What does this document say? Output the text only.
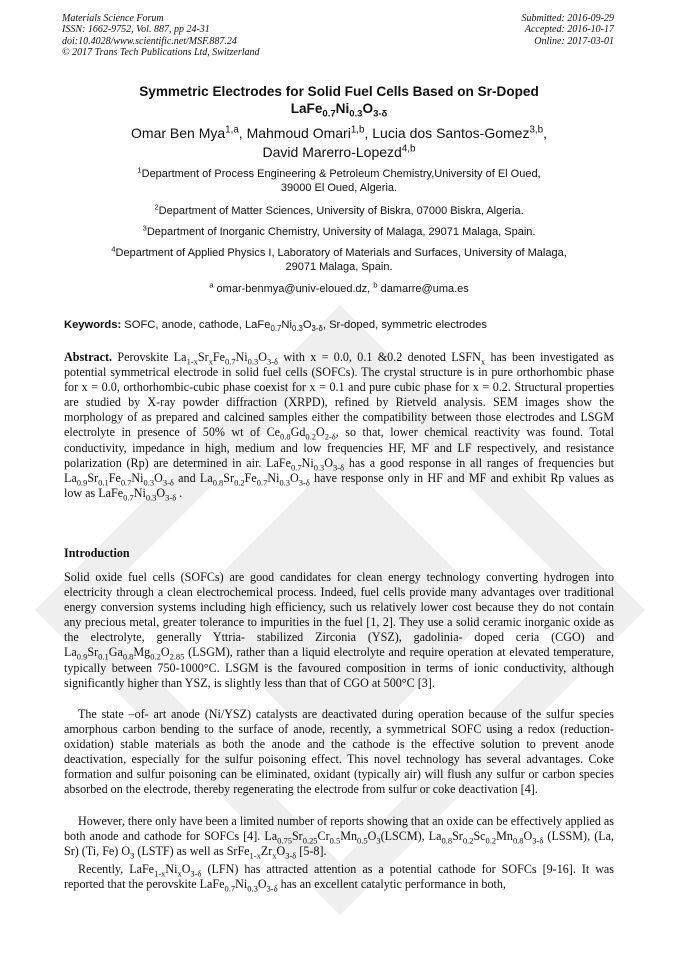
Materials Science Forum
ISSN: 1662-9752, Vol. 887, pp 24-31
doi:10.4028/www.scientific.net/MSF.887.24
© 2017 Trans Tech Publications Ltd, Switzerland
Submitted: 2016-09-29
Accepted: 2016-10-17
Online: 2017-03-01
Symmetric Electrodes for Solid Fuel Cells Based on Sr-Doped
$LaFe_{0.7}Ni_{0.3}O_{3-\delta}$
Omar Ben Mya$^{1,a}$, Mahmoud Omari$^{1,b}$, Lucia dos Santos-Gomez$^{3,b}$,
David Marerro-Lopezd$^{4,b}$
$^1$Department of Process Engineering & Petroleum Chemistry,University of El Oued,
39000 El Oued, Algeria.
$^2$Department of Matter Sciences, University of Biskra, 07000 Biskra, Algeria.
$^3$Department of Inorganic Chemistry, University of Malaga, 29071 Malaga, Spain.
$^4$Department of Applied Physics I, Laboratory of Materials and Surfaces, University of Malaga,
29071 Malaga, Spain.
$^a$ omar-benmya@univ-eloued.dz, $^b$ damarre@uma.es
Keywords: SOFC, anode, cathode, $LaFe_{0.7}Ni_{0.3}O_{3-\delta}$, Sr-doped, symmetric electrodes
Abstract. Perovskite $La_{1-x}Sr_xFe_{0.7}Ni_{0.3}O_{3-\delta}$ with x = 0.0, 0.1 &0.2 denoted $LSFN_x$ has been investigated as potential symmetrical electrode in solid fuel cells (SOFCs). The crystal structure is in pure orthorhombic phase for x = 0.0, orthorhombic-cubic phase coexist for x = 0.1 and pure cubic phase for x = 0.2. Structural properties are studied by X-ray powder diffraction (XRPD), refined by Rietveld analysis. SEM images show the morphology of as prepared and calcined samples either the compatibility between those electrodes and LSGM electrolyte in presence of 50% wt of $Ce_{0.8}Gd_{0.2}O_{2-\delta}$, so that, lower chemical reactivity was found. Total conductivity, impedance in high, medium and low frequencies HF, MF and LF respectively, and resistance polarization (Rp) are determined in air. $LaFe_{0.7}Ni_{0.3}O_{3-\delta}$ has a good response in all ranges of frequencies but $La_{0.9}Sr_{0.1}Fe_{0.7}Ni_{0.3}O_{3-\delta}$ and $La_{0.8}Sr_{0.2}Fe_{0.7}Ni_{0.3}O_{3-\delta}$ have response only in HF and MF and exhibit Rp values as low as $LaFe_{0.7}Ni_{0.3}O_{3-\delta}$ .
Introduction
Solid oxide fuel cells (SOFCs) are good candidates for clean energy technology converting hydrogen into electricity through a clean electrochemical process. Indeed, fuel cells provide many advantages over traditional energy conversion systems including high efficiency, such us relatively lower cost because they do not contain any precious metal, greater tolerance to impurities in the fuel [1, 2]. They use a solid ceramic inorganic oxide as the electrolyte, generally Yttria- stabilized Zirconia (YSZ), gadolinia- doped ceria (CGO) and $La_{0.9}Sr_{0.1}Ga_{0.8}Mg_{0.2}O_{2.85}$ (LSGM), rather than a liquid electrolyte and require operation at elevated temperature, typically between 750-1000°C. LSGM is the favoured composition in terms of ionic conductivity, although significantly higher than YSZ, is slightly less than that of CGO at 500°C [3].
The state –of- art anode (Ni/YSZ) catalysts are deactivated during operation because of the sulfur species amorphous carbon bending to the surface of anode, recently, a symmetrical SOFC using a redox (reduction- oxidation) stable materials as both the anode and the cathode is the effective solution to prevent anode deactivation, especially for the sulfur poisoning effect. This novel technology has several advantages. Coke formation and sulfur poisoning can be eliminated, oxidant (typically air) will flush any sulfur or carbon species absorbed on the electrode, thereby regenerating the electrode from sulfur or coke deactivation [4].
However, there only have been a limited number of reports showing that an oxide can be effectively applied as both anode and cathode for SOFCs [4]. $La_{0.75}Sr_{0.25}Cr_{0.5}Mn_{0.5}O_3(LSCM)$, $La_{0.8}Sr_{0.2}Sc_{0.2}Mn_{0.8}O_{3-\delta}$ (LSSM), (La, Sr) (Ti, Fe) $O_3$ (LSTF) as well as $SrFe_{1-x}Zr_xO_{3-\delta}$ [5-8].
Recently, $LaFe_{1-x}Ni_xO_{3-\delta}$ (LFN) has attracted attention as a potential cathode for SOFCs [9-16]. It was reported that the perovskite $LaFe_{0.7}Ni_{0.3}O_{3-\delta}$ has an excellent catalytic performance in both,
